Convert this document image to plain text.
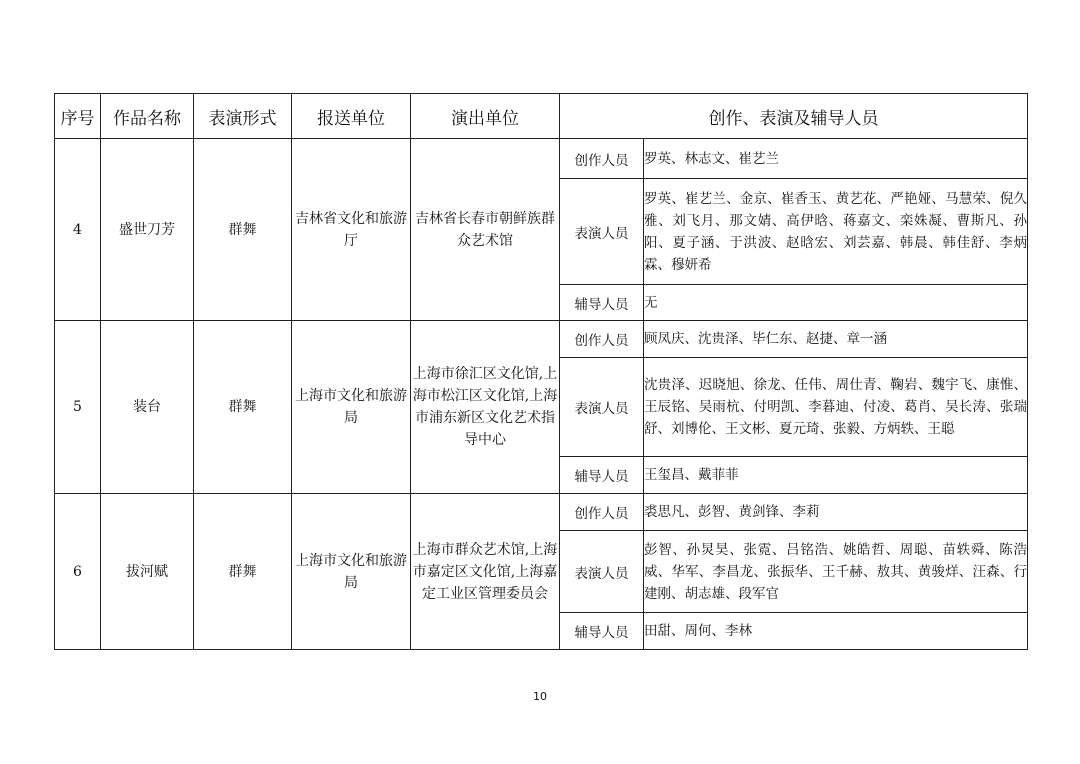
序号	作品名称	表演形式	报送单位	演出单位	创作、表演及辅导人员	
4	盛世刀芳	群舞	吉林省文化和旅游厅	吉林省长春市朝鲜族群众艺术馆	创作人员	罗英、林志文、崔艺兰
					表演人员	罗英、崔艺兰、金京、崔香玉、黄艺花、严艳娅、马慧荣、倪久雅、刘飞月、那文婧、高伊晗、蒋嘉文、栾姝凝、曹斯凡、孙阳、夏子涵、于洪波、赵晗宏、刘芸嘉、韩晨、韩佳舒、李炳霖、穆妍希
					辅导人员	无
5	装台	群舞	上海市文化和旅游局	上海市徐汇区文化馆,上海市松江区文化馆,上海市浦东新区文化艺术指导中心	创作人员	顾凤庆、沈贵泽、毕仁东、赵捷、章一涵
					表演人员	沈贵泽、迟晓旭、徐龙、任伟、周仕青、鞠岩、魏宇飞、康惟、王辰铭、吴雨杭、付明凯、李暮迪、付凌、葛肖、吴长涛、张瑞舒、刘博伦、王文彬、夏元琦、张毅、方炳轶、王聪
					辅导人员	王玺昌、戴菲菲
6	拔河赋	群舞	上海市文化和旅游局	上海市群众艺术馆,上海市嘉定区文化馆,上海嘉定工业区管理委员会	创作人员	裘思凡、彭智、黄剑锋、李莉
					表演人员	彭智、孙炅昊、张霓、吕铭浩、姚皓哲、周聪、苗轶舜、陈浩威、华军、李昌龙、张振华、王千赫、敖其、黄骏烊、汪森、行建刚、胡志雄、段军官
					辅导人员	田甜、周何、李林
10
